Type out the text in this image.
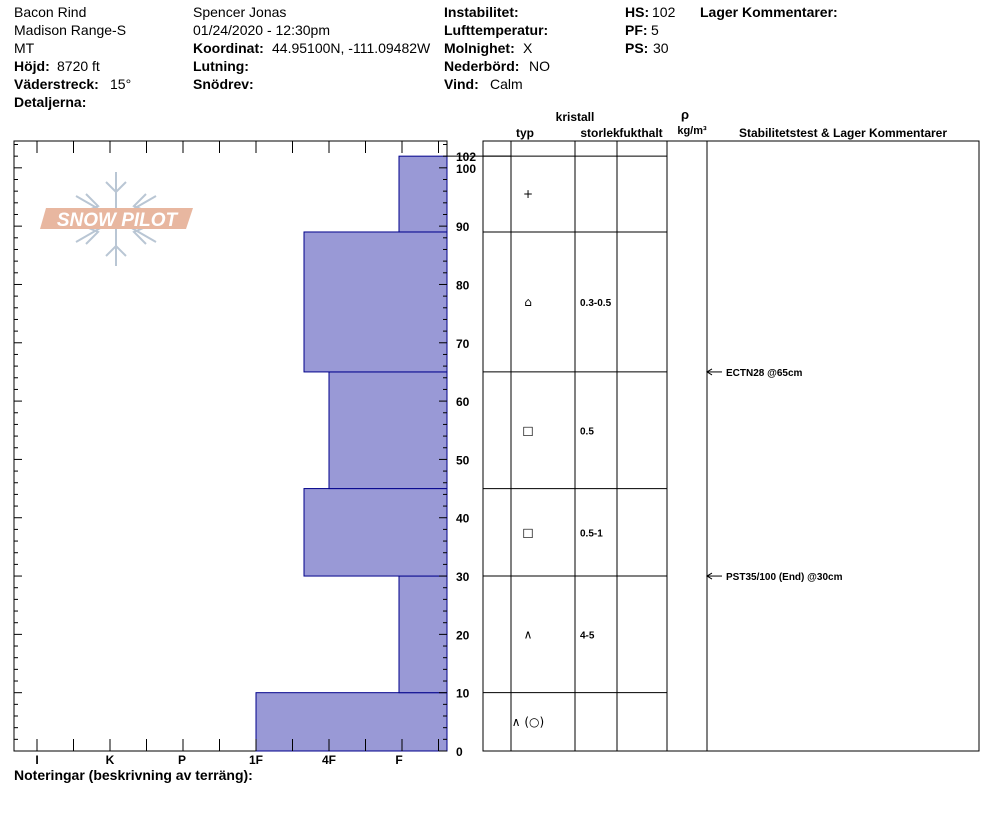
Bacon Rind
Madison Range-S
MT
Höjd: 8720 ft
Väderstreck: 15°
Detaljerna:
Spencer Jonas
01/24/2020 - 12:30pm
Koordinat: 44.95100N, -111.09482W
Lutning:
Snödrev:
Instabilitet:
Lufttemperatur:
Molnighet: X
Nederbörd: NO
Vind: Calm
HS: 102
PF: 5
PS: 30
Lager Kommentarer:
SNOW PILOT
0
10
20
30
40
50
60
70
80
90
100
102
I	K	P	1F	4F	F
∧ (○)
∧	4-5
□	0.5-1
□	0.5
⌂	0.3-0.5
+
ECTN28 @65cm
PST35/100 (End) @30cm
kristall
typ	storlek fukthalt
ρ
kg/m³	Stabilitetstest & Lager Kommentarer
Noteringar (beskrivning av terräng):
